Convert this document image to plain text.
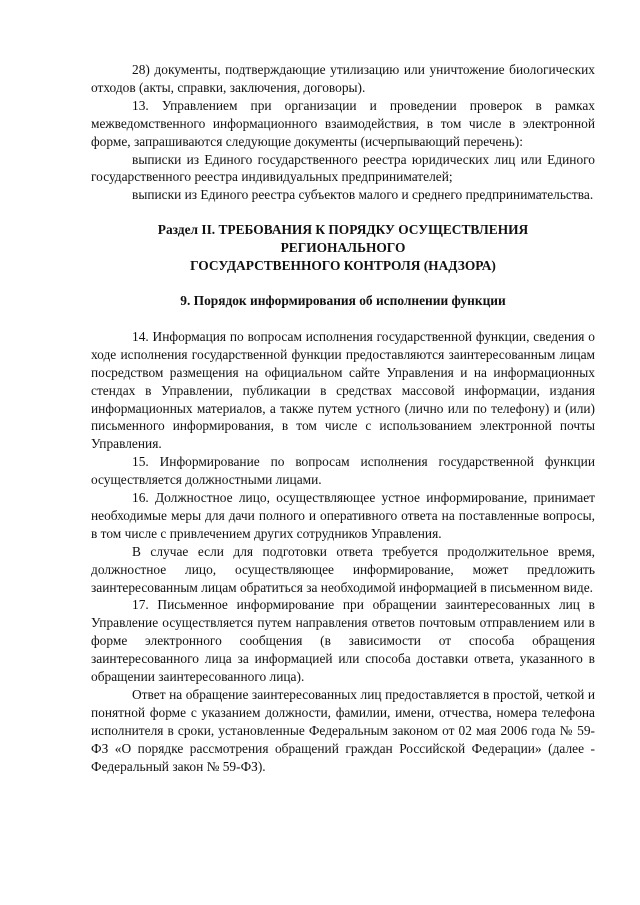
28) документы, подтверждающие утилизацию или уничтожение биологических отходов (акты, справки, заключения, договоры).

13. Управлением при организации и проведении проверок в рамках межведомственного информационного взаимодействия, в том числе в электронной форме, запрашиваются следующие документы (исчерпывающий перечень):

выписки из Единого государственного реестра юридических лиц или Единого государственного реестра индивидуальных предпринимателей;

выписки из Единого реестра субъектов малого и среднего предпринимательства.

Раздел II. ТРЕБОВАНИЯ К ПОРЯДКУ ОСУЩЕСТВЛЕНИЯ
РЕГИОНАЛЬНОГО
ГОСУДАРСТВЕННОГО КОНТРОЛЯ (НАДЗОРА)
9. Порядок информирования об исполнении функции

14. Информация по вопросам исполнения государственной функции, сведения о ходе исполнения государственной функции предоставляются заинтересованным лицам посредством размещения на официальном сайте Управления и на информационных стендах в Управлении, публикации в средствах массовой информации, издания информационных материалов, а также путем устного (лично или по телефону) и (или) письменного информирования, в том числе с использованием электронной почты Управления.

15. Информирование по вопросам исполнения государственной функции осуществляется должностными лицами.

16. Должностное лицо, осуществляющее устное информирование, принимает необходимые меры для дачи полного и оперативного ответа на поставленные вопросы, в том числе с привлечением других сотрудников Управления.

В случае если для подготовки ответа требуется продолжительное время, должностное лицо, осуществляющее информирование, может предложить заинтересованным лицам обратиться за необходимой информацией в письменном виде.

17. Письменное информирование при обращении заинтересованных лиц в Управление осуществляется путем направления ответов почтовым отправлением или в форме электронного сообщения (в зависимости от способа обращения заинтересованного лица за информацией или способа доставки ответа, указанного в обращении заинтересованного лица).

Ответ на обращение заинтересованных лиц предоставляется в простой, четкой и понятной форме с указанием должности, фамилии, имени, отчества, номера телефона исполнителя в сроки, установленные Федеральным законом от 02 мая 2006 года № 59-ФЗ «О порядке рассмотрения обращений граждан Российской Федерации» (далее - Федеральный закон № 59-ФЗ).
